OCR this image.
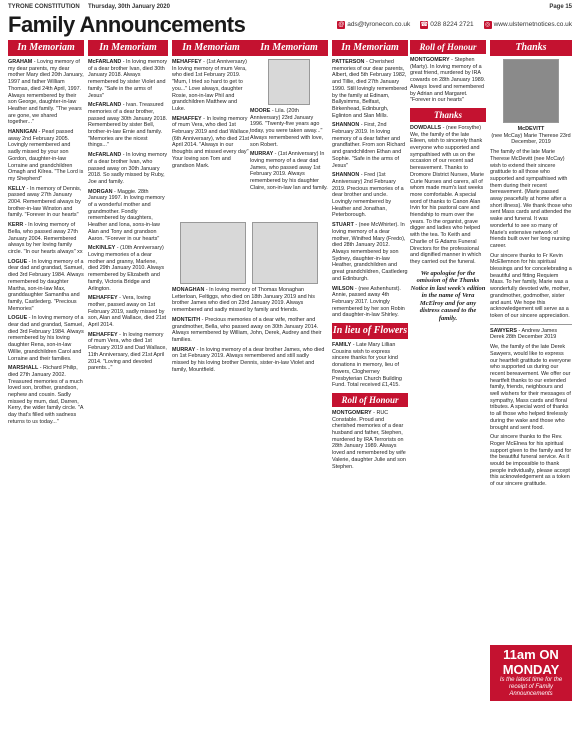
TYRONE CONSTITUTION Thursday, 30th January 2020	Page 15
Family Announcements	@ ads@tyronecon.co.uk ☎ 028 8224 2721 ◎ www.ulsternetnotices.co.uk
In Memoriam

GRAHAM - Loving memory of my dear parents, my dear mother Mary died 20th January, 1997 and father William Thomas, died 24th April, 1997. Always remembered by their son George, daughter-in-law Heather and family. "The years are gone, we shared together..."

HANNIGAN - Pearl passed away 2nd February 2005. Lovingly remembered and sadly missed by your son Gordon, daughter-in-law Lorraine and grandchildren Omagh and Kilrea. "The Lord is my Shepherd"

KELLY - In memory of Dennis, passed away 27th January 2004. Remembered always by brother-in-law Winston and family. "Forever in our hearts"

KERR - In loving memory of Bella, who passed away 27th January 2004. Remembered always by her loving family circle. "In our hearts always" xx

LOGUE - In loving memory of a dear dad and grandad, Samuel, died 3rd February 1984. Always remembered by daughter Martha, son-in-law Max, granddaughter Samantha and family, Castlederg. "Precious Memories"

LOGUE - In loving memory of a dear dad and grandad, Samuel, died 3rd February 1984. Always remembered by his loving daughter Rena, son-in-law Willie, grandchildren Carol and Lorraine and their families.

MARSHALL - Richard Philip, died 27th January 2002. Treasured memories of a much loved son, brother, grandson, nephew and cousin. Sadly missed by mum, dad, Darren, Kerry, the wider family circle. "A day that's filled with sadness returns to us today..."

In Memoriam

McFARLAND - In loving memory of a dear brother Ivan, died 30th January 2018. Always remembered by sister Violet and family. "Safe in the arms of Jesus"

McFARLAND - Ivan. Treasured memories of a dear brother, passed away 30th January 2018. Remembered by sister Bell, brother-in-law Ernie and family. "Memories are the nicest things..."

McFARLAND - In loving memory of a dear brother Ivan, who passed away on 30th January 2018. So sadly missed by Ruby, Joe and family.

MORGAN - Maggie. 28th January 1997. In loving memory of a wonderful mother and grandmother. Fondly remembered by daughters, Heather and Iona, sons-in-law Alan and Tony and grandson Aaron. "Forever in our hearts"

McKINLEY - (10th Anniversary) Loving memories of a dear mother and granny, Marlene, died 29th January 2010. Always remembered by Elizabeth and family, Victoria Bridge and Arlington.

MEHAFFEY - Vera, loving mother, passed away on 1st February 2019, sadly missed by son, Alan and Wallace, died 21st April 2014.

MEHAFFEY - In loving memory of mum Vera, who died 1st February 2019 and Dad Wallace, 11th Anniversary, died 21st April 2014. "Loving and devoted parents..."

In Memoriam

MEHAFFEY - (1st Anniversary) In loving memory of mum Vera, who died 1st February 2019. "Mum, I tried so hard to get to you..." Love always, daughter Rosie, son-in-law Phil and grandchildren Matthew and Luke.

MEHAFFEY - In loving memory of mum Vera, who died 1st February 2019 and dad Wallace, (6th Anniversary), who died 21st April 2014. "Always in our thoughts and missed every day" Your loving son Tom and grandson Mark.

In Memoriam

MOORE - Lila. (20th Anniversary) 23rd January 1996. "Twenty-five years ago today, you were taken away..." Always remembered with love, son Robert.

MURRAY - (1st Anniversary) In loving memory of a dear dad James, who passed away 1st February 2019. Always remembered by his daughter Claire, son-in-law Ian and family.

MONAGHAN - In loving memory of Thomas Monaghan Letterloan, Feltiggs, who died on 18th January 2019 and his brother James who died on 23rd January 2019. Always remembered and sadly missed by family and friends.

MONTEITH - Precious memories of a dear wife, mother and grandmother, Bella, who passed away on 30th January 2014. Always remembered by William, John, Derek, Audrey and their families.

MURRAY - In loving memory of a dear brother James, who died on 1st February 2019. Always remembered and still sadly missed by his loving brother Dennis, sister-in-law Violet and family, Mountfield.

In Memoriam

PATTERSON - Cherished memories of our dear parents, Albert, died 5th February 1982, and Tillie, died 27th January 1990. Still lovingly remembered by the family at Edinam, Ballysimms, Belfast, Birkenhead, Edinburgh, Eglinton and Slan Mills.

SHANNON - First, 2nd February 2019. In loving memory of a dear father and grandfather. From son Richard and grandchildren Ethan and Sophie. "Safe in the arms of Jesus"

SHANNON - Fred (1st Anniversary) 2nd February 2019. Precious memories of a dear brother and uncle. Lovingly remembered by Heather and Jonathan, Peterborough.

STUART - (nee McWhirter). In loving memory of a dear mother, Winifred Mary (Fredo), died 28th January 2012. Always remembered by son Sydney, daughter-in-law Heather, grandchildren and great grandchildren, Castlederg and Edinburgh.

WILSON - (nee Ashenhurst). Annie, passed away 4th February 2017. Lovingly remembered by her son Robin and daughter-in-law Shirley.

In lieu of Flowers

FAMILY - Late Mary Lillian Cousins wish to express sincere thanks for your kind donations in memory, lieu of flowers, Clogherney Presbyterian Church Building Fund. Total received £1,415.

Roll of Honour

MONTGOMERY - RUC Constable. Proud and cherished memories of a dear husband and father, Stephen, murdered by IRA Terrorists on 28th January 1989. Always loved and remembered by wife Valerie, daughter Julie and son Stephen.

Roll of Honour

MONTGOMERY - Stephen (Marty). In loving memory of a great friend, murdered by IRA cowards on 28th January 1989. Always loved and remembered by Adrian and Margaret. "Forever in our hearts"

Thanks

DOWDALLS - (nee Forsythe) We, the family of the late Eileen, wish to sincerely thank everyone who supported and sympathised with us on the occasion of our recent sad bereavement. Thanks to Dromore District Nurses, Marie Curie Nurses and carers, all of whom made mum's last weeks more comfortable. A special word of thanks to Canon Alan Irvin for his pastoral care and friendship to mum over the years. To the organist, grave digger and ladies who helped with the tea. To Keith and Charlie of G Adams Funeral Directors for the professional and dignified manner in which they carried out the funeral.

We apologise for the omission of the Thanks Notice in last week's edition in the name of Vera McElroy and for any distress caused to the family.
Thanks
McDEVITT
(nee McCay) Marie Therese 23rd December, 2019

The family of the late Marie Therese McDevitt (nee McCay) wish to extend their sincere gratitude to all those who supported and sympathised with them during their recent bereavement. (Marie passed away peacefully at home after a short illness). We thank those who sent Mass cards and attended the wake and funeral. It was wonderful to see so many of Marie's extensive network of friends built over her long nursing career.

Our sincere thanks to Fr Kevin McEllemnon for his spiritual blessings and for concelebrating a beautiful and fitting Requiem Mass. To her family, Marie was a wonderfully devoted wife, mother, grandmother, godmother, sister and aunt. We hope this acknowledgement will serve as a token of our sincere appreciation.

SAWYERS - Andrew James Derek 28th December 2019

We, the family of the late Derek Sawyers, would like to express our heartfelt gratitude to everyone who supported us during our recent bereavement. We offer our heartfelt thanks to our extended family, friends, neighbours and well wishers for their messages of sympathy, Mass cards and floral tributes. A special word of thanks to all those who helped tirelessly during the wake and those who brought and sent food.

Our sincere thanks to the Rev. Roger McElnea for his spiritual support given to the family and for the beautiful funeral service. As it would be impossible to thank people individually, please accept this acknowledgement as a token of our sincere gratitude.

11am ON
MONDAY
Is the latest time for the receipt of Family Announcements
